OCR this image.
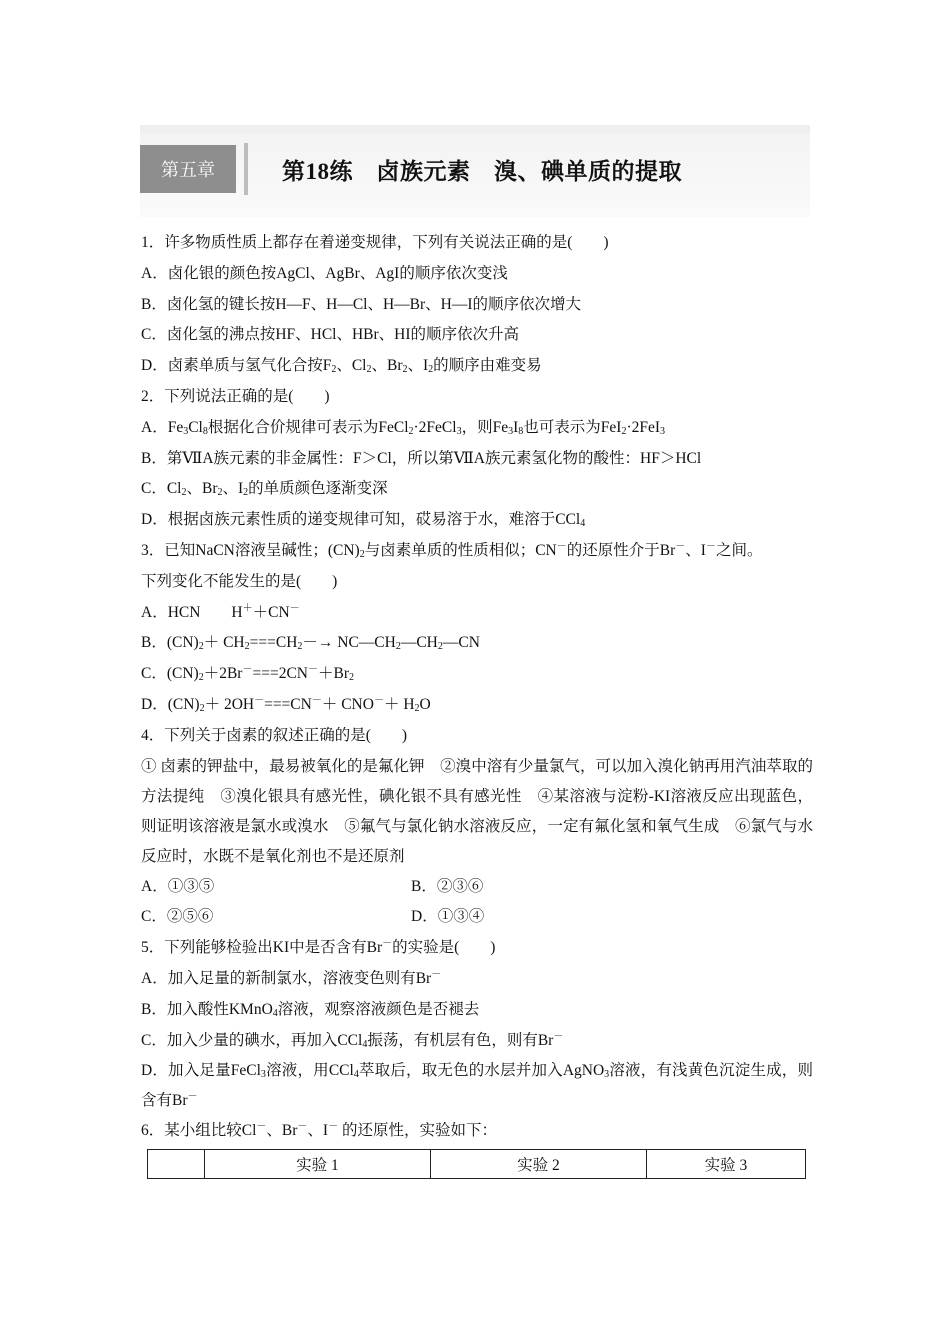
第五章	第18练　卤族元素　溴、碘单质的提取
1．许多物质性质上都存在着递变规律，下列有关说法正确的是(　　)
A．卤化银的颜色按AgCl、AgBr、AgI的顺序依次变浅
B．卤化氢的键长按H—F、H—Cl、H—Br、H—I的顺序依次增大
C．卤化氢的沸点按HF、HCl、HBr、HI的顺序依次升高
D．卤素单质与氢气化合按$F_2$、$Cl_2$、$Br_2$、$I_2$的顺序由难变易
2．下列说法正确的是(　　)
A．$Fe_3Cl_8$根据化合价规律可表示为FeCl$_2$·2FeCl$_3$，则$Fe_3I_8$也可表示为FeI$_2$·2FeI$_3$
B．第ⅦA族元素的非金属性：F＞Cl，所以第ⅦA族元素氢化物的酸性：HF＞HCl
C．$Cl_2$、$Br_2$、$I_2$的单质颜色逐渐变深
D．根据卤族元素性质的递变规律可知，砹易溶于水，难溶于CCl$_4$
3．已知NaCN溶液呈碱性；$(CN)_2$与卤素单质的性质相似；CN－的还原性介于Br－、I－之间。
下列变化不能发生的是(　　)
A．HCN　　H＋＋CN－
B．$(CN)_2+ CH_2===CH_2-\to$ $NC—CH_2—CH_2—CN$
C．$(CN)_2+2Br^-===2CN^-+Br_2$
D．$(CN)_2+ 2OH^-===CN^-+ CNO^-+ H_2O$
4．下列关于卤素的叙述正确的是(　　)
① 卤素的钾盐中，最易被氧化的是氟化钾　②溴中溶有少量氯气，可以加入溴化钠再用汽油萃取的方法提纯　③溴化银具有感光性，碘化银不具有感光性　④某溶液与淀粉-KI溶液反应出现蓝色，则证明该溶液是氯水或溴水　⑤氟气与氯化钠水溶液反应，一定有氟化氢和氧气生成　⑥氯气与水反应时，水既不是氧化剂也不是还原剂
A．①③⑤	B．②③⑥
C．②⑤⑥	D．①③④
5．下列能够检验出KI中是否含有Br－的实验是(　　)
A．加入足量的新制氯水，溶液变色则有Br－
B．加入酸性KMnO$_4$溶液，观察溶液颜色是否褪去
C．加入少量的碘水，再加入CCl$_4$振荡，有机层有色，则有Br－
D．加入足量FeCl$_3$溶液，用CCl$_4$萃取后，取无色的水层并加入AgNO$_3$溶液，有浅黄色沉淀生成，则含有Br－
6．某小组比较Cl－、Br－、I－ 的还原性，实验如下：
	实验 1	实验 2	实验 3
